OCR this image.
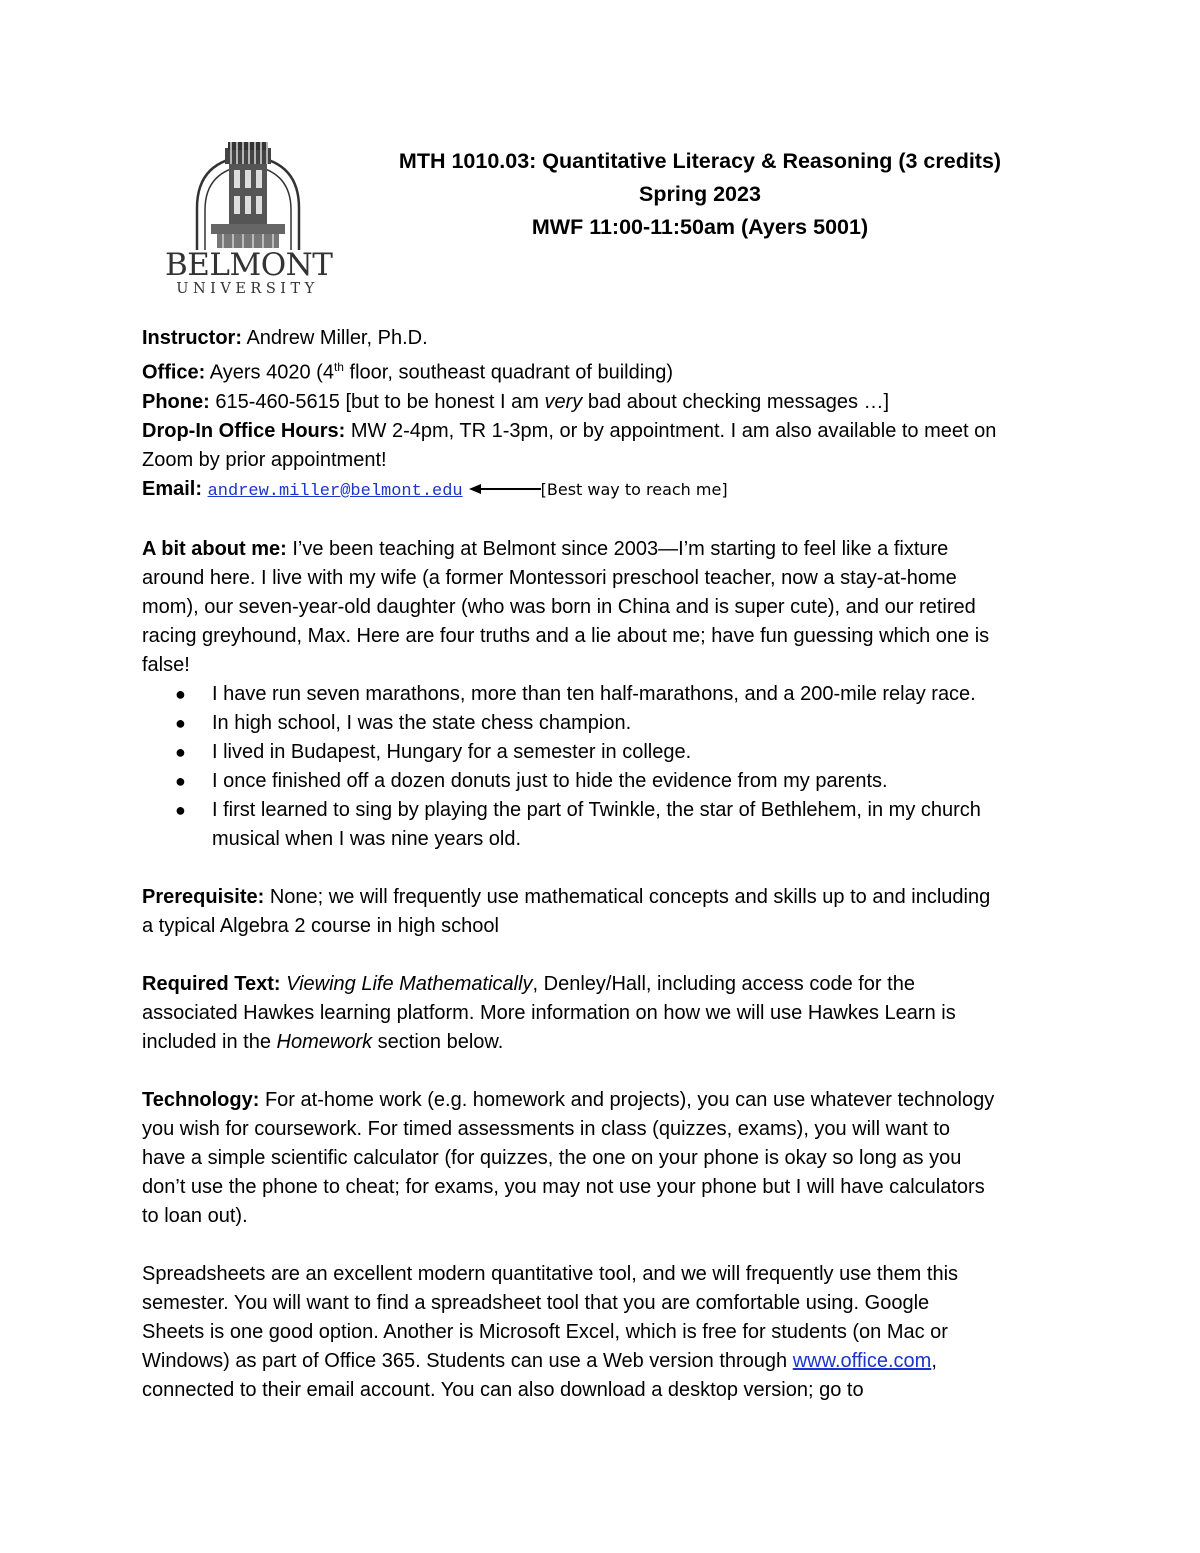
BELMONT
UNIVERSITY
MTH 1010.03: Quantitative Literacy & Reasoning (3 credits)
Spring 2023
MWF 11:00-11:50am (Ayers 5001)
Instructor: Andrew Miller, Ph.D.
Office: Ayers 4020 (4th floor, southeast quadrant of building)
Phone: 615-460-5615 [but to be honest I am very bad about checking messages …]
Drop-In Office Hours: MW 2-4pm, TR 1-3pm, or by appointment. I am also available to meet on
Zoom by prior appointment!
Email: andrew.miller@belmont.edu	[Best way to reach me]
A bit about me: I’ve been teaching at Belmont since 2003—I’m starting to feel like a fixture
around here. I live with my wife (a former Montessori preschool teacher, now a stay-at-home
mom), our seven-year-old daughter (who was born in China and is super cute), and our retired
racing greyhound, Max. Here are four truths and a lie about me; have fun guessing which one is
false!
● I have run seven marathons, more than ten half-marathons, and a 200-mile relay race.
● In high school, I was the state chess champion.
● I lived in Budapest, Hungary for a semester in college.
● I once finished off a dozen donuts just to hide the evidence from my parents.
● I first learned to sing by playing the part of Twinkle, the star of Bethlehem, in my church
musical when I was nine years old.
Prerequisite: None; we will frequently use mathematical concepts and skills up to and including
a typical Algebra 2 course in high school
Required Text: Viewing Life Mathematically, Denley/Hall, including access code for the
associated Hawkes learning platform. More information on how we will use Hawkes Learn is
included in the Homework section below.
Technology: For at-home work (e.g. homework and projects), you can use whatever technology
you wish for coursework. For timed assessments in class (quizzes, exams), you will want to
have a simple scientific calculator (for quizzes, the one on your phone is okay so long as you
don’t use the phone to cheat; for exams, you may not use your phone but I will have calculators
to loan out).
Spreadsheets are an excellent modern quantitative tool, and we will frequently use them this
semester. You will want to find a spreadsheet tool that you are comfortable using. Google
Sheets is one good option. Another is Microsoft Excel, which is free for students (on Mac or
Windows) as part of Office 365. Students can use a Web version through www.office.com,
connected to their email account. You can also download a desktop version; go to
